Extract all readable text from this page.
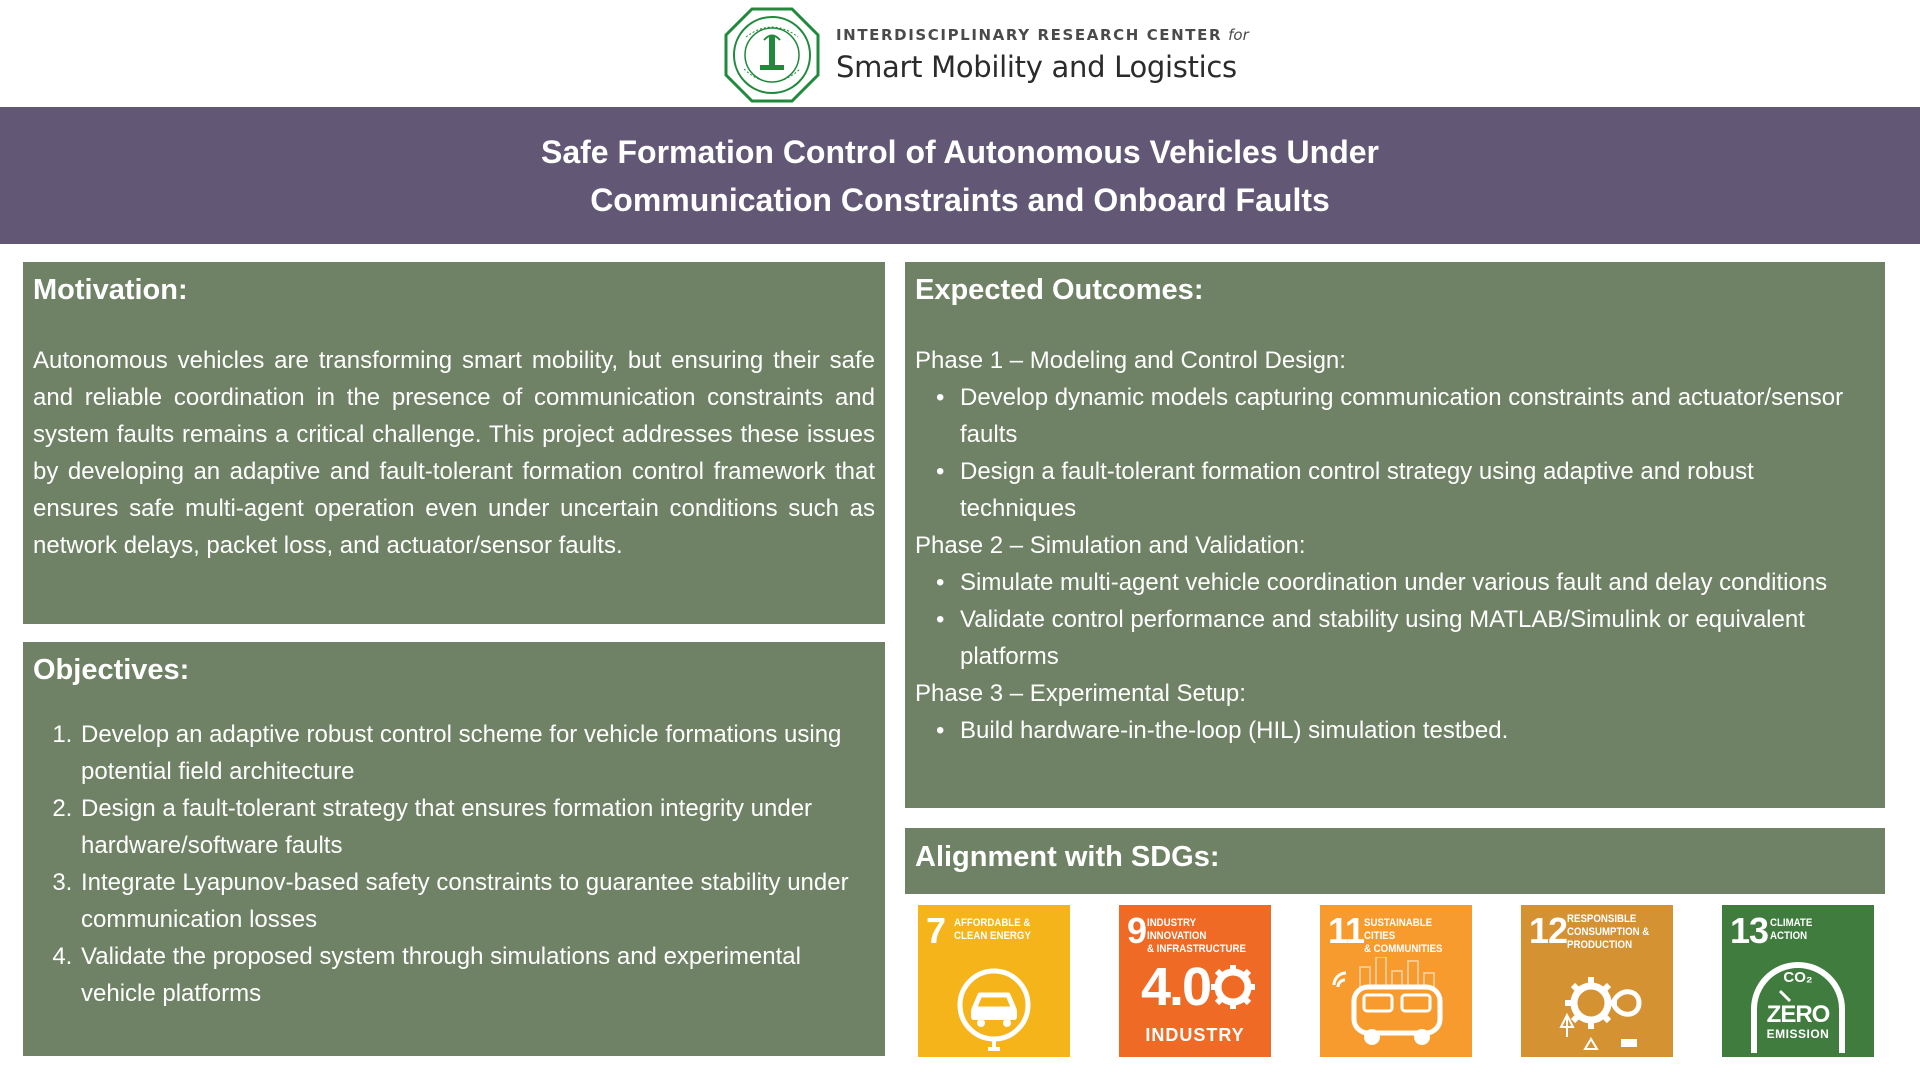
INTERDISCIPLINARY RESEARCH CENTER for
Smart Mobility and Logistics
Safe Formation Control of Autonomous Vehicles Under
Communication Constraints and Onboard Faults
Motivation:

Autonomous vehicles are transforming smart mobility, but ensuring their safe and reliable coordination in the presence of communication constraints and system faults remains a critical challenge. This project addresses these issues by developing an adaptive and fault-tolerant formation control framework that ensures safe multi-agent operation even under uncertain conditions such as network delays, packet loss, and actuator/sensor faults.

Objectives:
1. Develop an adaptive robust control scheme for vehicle formations using potential field architecture
2. Design a fault-tolerant strategy that ensures formation integrity under hardware/software faults
3. Integrate Lyapunov-based safety constraints to guarantee stability under communication losses
4. Validate the proposed system through simulations and experimental vehicle platforms
Expected Outcomes:
Phase 1 – Modeling and Control Design:
• Develop dynamic models capturing communication constraints and actuator/sensor faults
• Design a fault-tolerant formation control strategy using adaptive and robust techniques
Phase 2 – Simulation and Validation:
• Simulate multi-agent vehicle coordination under various fault and delay conditions
• Validate control performance and stability using MATLAB/Simulink or equivalent platforms
Phase 3 – Experimental Setup:
• Build hardware-in-the-loop (HIL) simulation testbed.
Alignment with SDGs:
7 AFFORDABLE &
CLEAN ENERGY	9 INDUSTRY INNOVATION
& INFRASTRUCTURE
4.0
INDUSTRY
11 SUSTAINABLE CITIES
& COMMUNITIES	12 RESPONSIBLE
CONSUMPTION &
PRODUCTION	13 CLIMATE
ACTION
CO₂
ZERO
EMISSION
